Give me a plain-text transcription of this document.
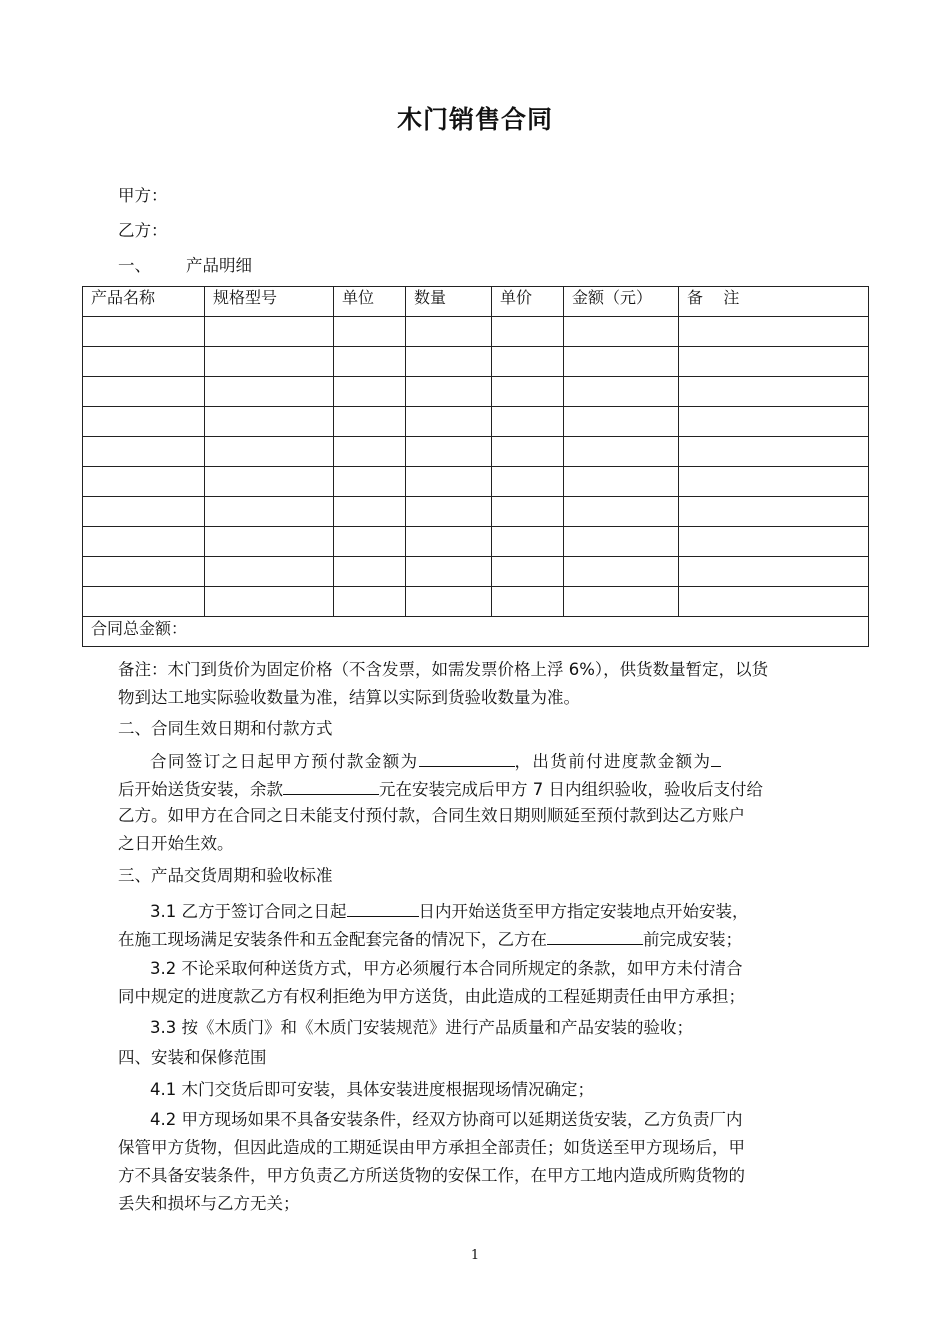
木门销售合同
甲方：
乙方：
一、 产品明细
产品名称	规格型号	单位	数量	单价	金额（元）	备    注

合同总金额：						
备注：木门到货价为固定价格（不含发票，如需发票价格上浮 6%），供货数量暂定，以货
物到达工地实际验收数量为准，结算以实际到货验收数量为准。
二、合同生效日期和付款方式
合同签订之日起甲方预付款金额为	，出货前付进度款金额为
后开始送货安装，余款	元在安装完成后甲方 7 日内组织验收，验收后支付给
乙方。如甲方在合同之日未能支付预付款，合同生效日期则顺延至预付款到达乙方账户
之日开始生效。
三、产品交货周期和验收标准
3.1 乙方于签订合同之日起	日内开始送货至甲方指定安装地点开始安装，
在施工现场满足安装条件和五金配套完备的情况下，乙方在	前完成安装；
3.2 不论采取何种送货方式，甲方必须履行本合同所规定的条款，如甲方未付清合
同中规定的进度款乙方有权利拒绝为甲方送货，由此造成的工程延期责任由甲方承担；
3.3 按《木质门》和《木质门安装规范》进行产品质量和产品安装的验收；
四、安装和保修范围
4.1 木门交货后即可安装，具体安装进度根据现场情况确定；
4.2 甲方现场如果不具备安装条件，经双方协商可以延期送货安装，乙方负责厂内
保管甲方货物，但因此造成的工期延误由甲方承担全部责任；如货送至甲方现场后，甲
方不具备安装条件，甲方负责乙方所送货物的安保工作，在甲方工地内造成所购货物的
丢失和损坏与乙方无关；
1
